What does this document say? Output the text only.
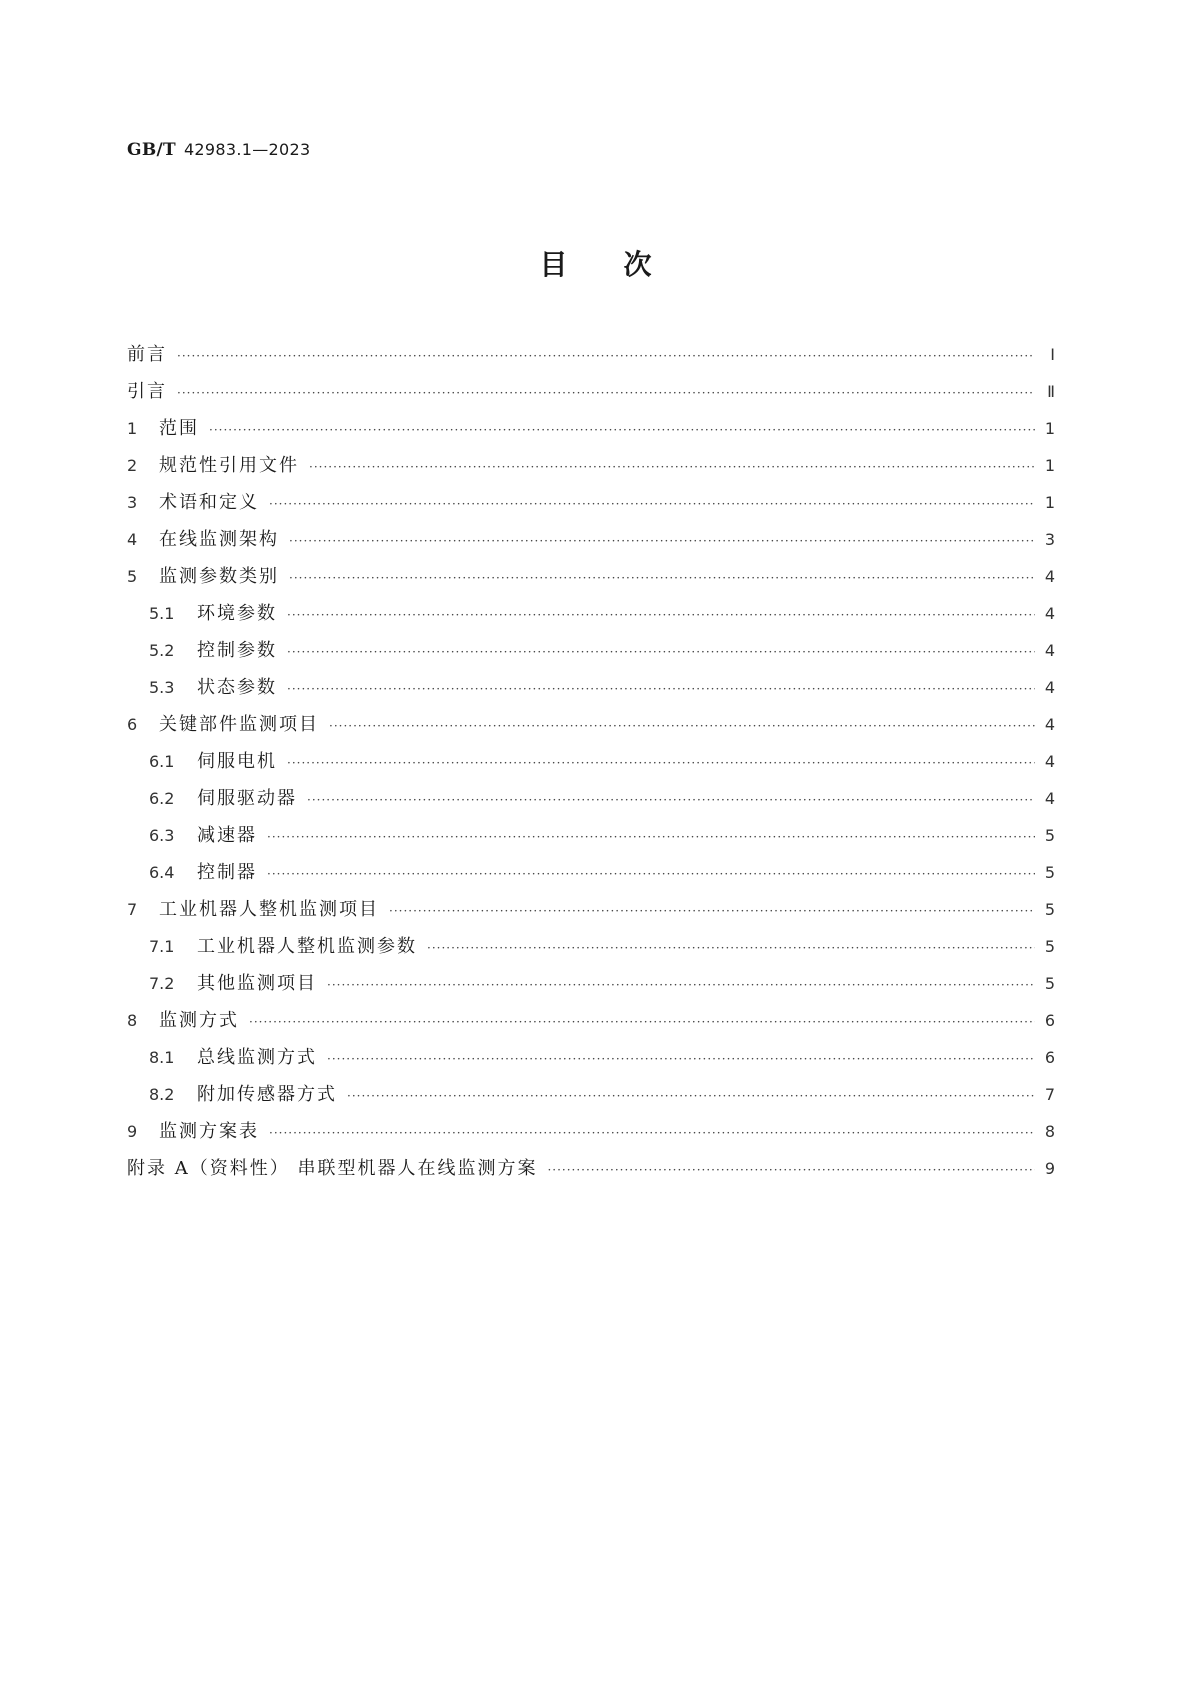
GB/T 42983.1—2023
目次
前言 ·····	Ⅰ
引言 ·····	Ⅱ
1	范围 ·····	1
2	规范性引用文件 ·····	1
3	术语和定义 ·····	1
4	在线监测架构 ·····	3
5	监测参数类别 ·····	4
5.1	环境参数 ·····	4
5.2	控制参数 ·····	4
5.3	状态参数 ·····	4
6	关键部件监测项目 ·····	4
6.1	伺服电机 ·····	4
6.2	伺服驱动器 ·····	4
6.3	减速器 ·····	5
6.4	控制器 ·····	5
7	工业机器人整机监测项目 ·····	5
7.1	工业机器人整机监测参数 ·····	5
7.2	其他监测项目 ·····	5
8	监测方式 ·····	6
8.1	总线监测方式 ·····	6
8.2	附加传感器方式 ·····	7
9	监测方案表 ·····	8
附录 A（资料性） 串联型机器人在线监测方案 ·····	9
